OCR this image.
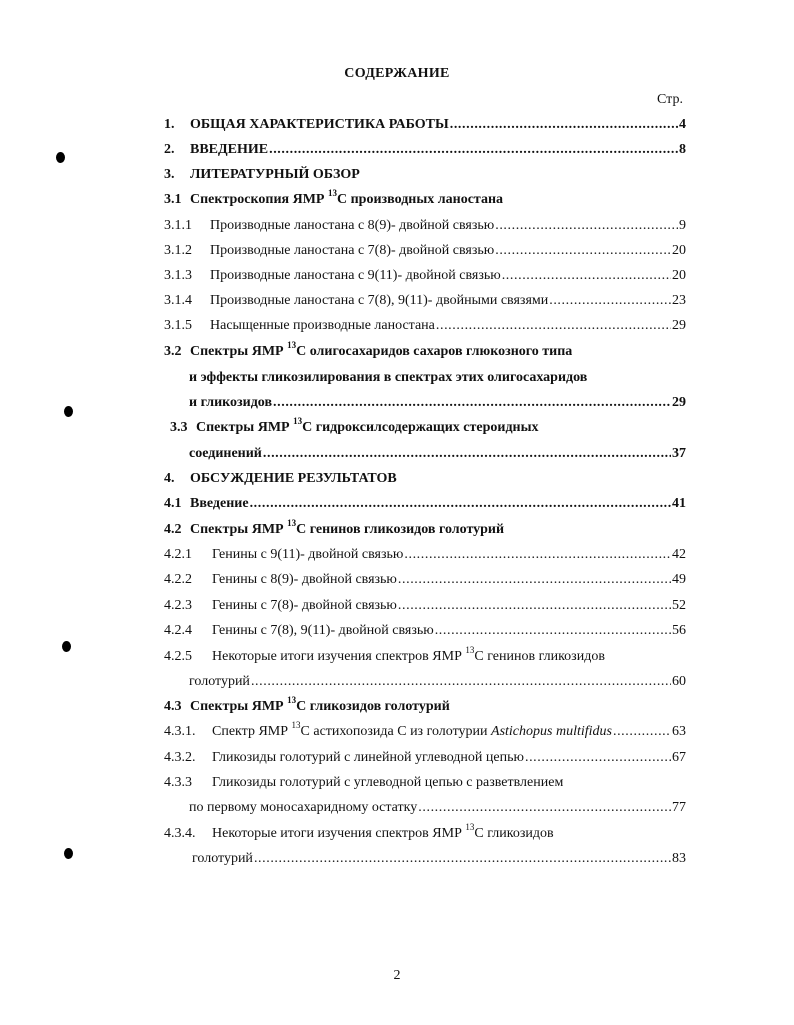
СОДЕРЖАНИЕ
Стр.
1.	ОБЩАЯ ХАРАКТЕРИСТИКА РАБОТЫ .....	4
2.	ВВЕДЕНИЕ .....	8
3.	ЛИТЕРАТУРНЫЙ ОБЗОР
3.1 Спектроскопия ЯМР $^{13}$С производных ланостана
3.1.1	Производные ланостана с 8(9)- двойной связью .....	9
3.1.2	Производные ланостана с 7(8)- двойной связью .....	20
3.1.3	Производные ланостана с 9(11)- двойной связью .....	20
3.1.4	Производные ланостана с 7(8), 9(11)- двойными связями .....	23
3.1.5	Насыщенные производные ланостана .....	29
3.2 Спектры ЯМР $^{13}$С олигосахаридов сахаров глюкозного типа
и эффекты гликозилирования в спектрах этих олигосахаридов
и гликозидов .....	29
3.3 Спектры ЯМР $^{13}$С гидроксилсодержащих стероидных
соединений .....	37
4.	ОБСУЖДЕНИЕ РЕЗУЛЬТАТОВ
4.1 Введение .....	41
4.2 Спектры ЯМР $^{13}$С генинов гликозидов голотурий
4.2.1	Генины с 9(11)- двойной связью .....	42
4.2.2	Генины с 8(9)- двойной связью .....	49
4.2.3	Генины с 7(8)- двойной связью .....	52
4.2.4	Генины с 7(8), 9(11)- двойной связью .....	56
4.2.5	Некоторые итоги изучения спектров ЯМР $^{13}$С генинов гликозидов
голотурий .....	60
4.3 Спектры ЯМР $^{13}$С гликозидов голотурий
4.3.1.	Спектр ЯМР $^{13}$С астихопозида С из голотурии Astichopus multifidus .....	63
4.3.2.	Гликозиды голотурий с линейной углеводной цепью .....	67
4.3.3	Гликозиды голотурий с углеводной цепью с разветвлением
по первому моносахаридному остатку .....	77
4.3.4.	Некоторые итоги изучения спектров ЯМР $^{13}$С гликозидов
голотурий .....	83
2
